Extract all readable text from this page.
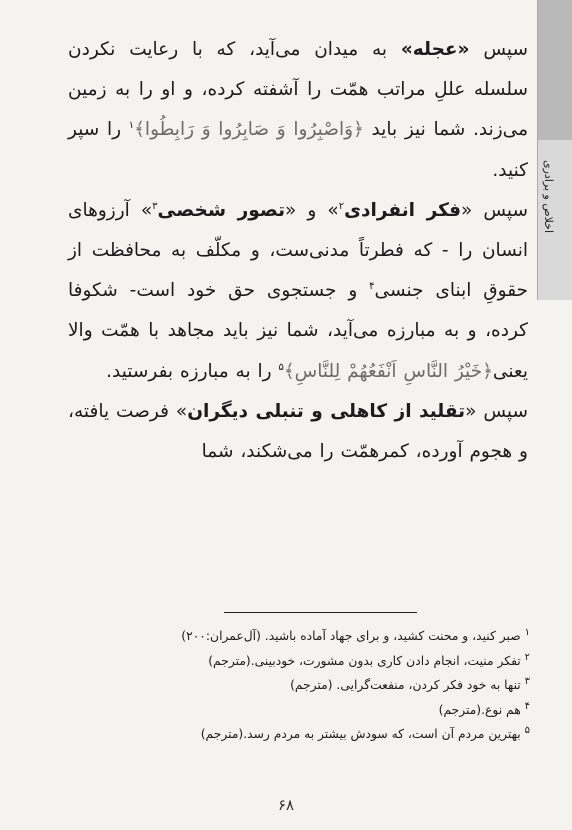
اخلاص و برادری

سپس «عجله» به میدان می‌آید، که با رعایت نکردن سلسله عللِ مراتب همّت را آشفته کرده، و او را به زمین می‌زند. شما نیز باید ﴿وَاصْبِرُوا وَ صَابِرُوا وَ رَابِطُوا﴾$^١$ را سپر کنید.

سپس «فکر انفرادی$^٢$» و «تصور شخصی$^٣$» آرزوهای انسان را - که فطرتاً مدنی‌ست، و مکلّف به محافظت از حقوقِ ابنای جنسی$^۴$ و جستجوی حق خود است- شکوفا کرده، و به مبارزه می‌آید، شما نیز باید مجاهد با همّت والا یعنی﴿خَيْرُ النَّاسِ اَنْفَعُهُمْ لِلنَّاسِ﴾$^۵$ را به مبارزه بفرستید.

سپس «تقلید از کاهلی و تنبلی دیگران» فرصت یافته، و هجوم آورده، کمرهمّت را می‌شکند، شما

$^١$ صبر کنید، و محنت کشید، و برای جهاد آماده باشید. (آل‌عمران:٢٠٠)
$^٢$ تفکر منیت، انجام دادن کاری بدون مشورت، خودبینی.(مترجم)
$^٣$ تنها به خود فکر کردن، منفعت‌گرایی. (مترجم)
$^۴$ هم نوع.(مترجم)
$^۵$ بهترین مردم آن است، که سودش بیشتر به مردم رسد.(مترجم)
۶۸
